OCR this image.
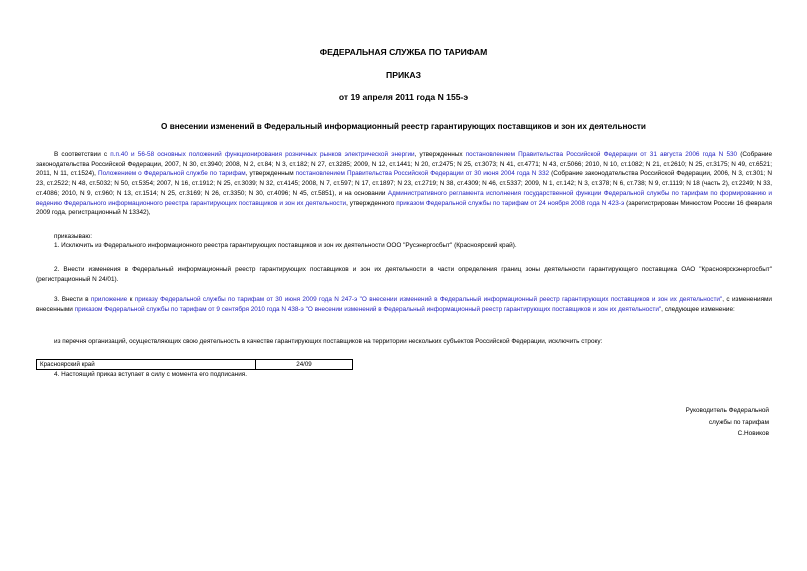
ФЕДЕРАЛЬНАЯ СЛУЖБА ПО ТАРИФАМ
ПРИКАЗ
от 19 апреля 2011 года N 155-э
О внесении изменений в Федеральный информационный реестр гарантирующих поставщиков и зон их деятельности
В соответствии с п.п.40 и 56-58 основных положений функционирования розничных рынков электрической энергии, утвержденных постановлением Правительства Российской Федерации от 31 августа 2006 года N 530 (Собрание законодательства Российской Федерации, 2007, N 30, ст.3940; 2008, N 2, ст.84; N 3, ст.182; N 27, ст.3285; 2009, N 12, ст.1441; N 20, ст.2475; N 25, ст.3073; N 41, ст.4771; N 43, ст.5066; 2010, N 10, ст.1082; N 21, ст.2610; N 25, ст.3175; N 49, ст.6521; 2011, N 11, ст.1524), Положением о Федеральной службе по тарифам, утвержденным постановлением Правительства Российской Федерации от 30 июня 2004 года N 332 (Собрание законодательства Российской Федерации, 2006, N 3, ст.301; N 23, ст.2522; N 48, ст.5032; N 50, ст.5354; 2007, N 16, ст.1912; N 25, ст.3039; N 32, ст.4145; 2008, N 7, ст.597; N 17, ст.1897; N 23, ст.2719; N 38, ст.4309; N 46, ст.5337; 2009, N 1, ст.142; N 3, ст.378; N 6, ст.738; N 9, ст.1119; N 18 (часть 2), ст.2249; N 33, ст.4086; 2010, N 9, ст.960; N 13, ст.1514; N 25, ст.3169; N 26, ст.3350; N 30, ст.4096; N 45, ст.5851), и на основании Административного регламента исполнения государственной функции Федеральной службы по тарифам по формированию и ведению Федерального информационного реестра гарантирующих поставщиков и зон их деятельности, утвержденного приказом Федеральной службы по тарифам от 24 ноября 2008 года N 423-э (зарегистрирован Минюстом России 16 февраля 2009 года, регистрационный N 13342),
приказываю:
1. Исключить из Федерального информационного реестра гарантирующих поставщиков и зон их деятельности ООО "Русэнергосбыт" (Красноярский край).
2. Внести изменения в Федеральный информационный реестр гарантирующих поставщиков и зон их деятельности в части определения границ зоны деятельности гарантирующего поставщика ОАО "Красноярскэнергосбыт" (регистрационный N 24/01).
3. Внести в приложение к приказу Федеральной службы по тарифам от 30 июня 2009 года N 247-э "О внесении изменений в Федеральный информационный реестр гарантирующих поставщиков и зон их деятельности", с изменениями внесенными приказом Федеральной службы по тарифам от 9 сентября 2010 года N 438-э "О внесении изменений в Федеральный информационный реестр гарантирующих поставщиков и зон их деятельности", следующее изменение:
из перечня организаций, осуществляющих свою деятельность в качестве гарантирующих поставщиков на территории нескольких субъектов Российской Федерации, исключить строку:
Красноярский край	24/09
4. Настоящий приказ вступает в силу с момента его подписания.
Руководитель Федеральной
службы по тарифам
С.Новиков
